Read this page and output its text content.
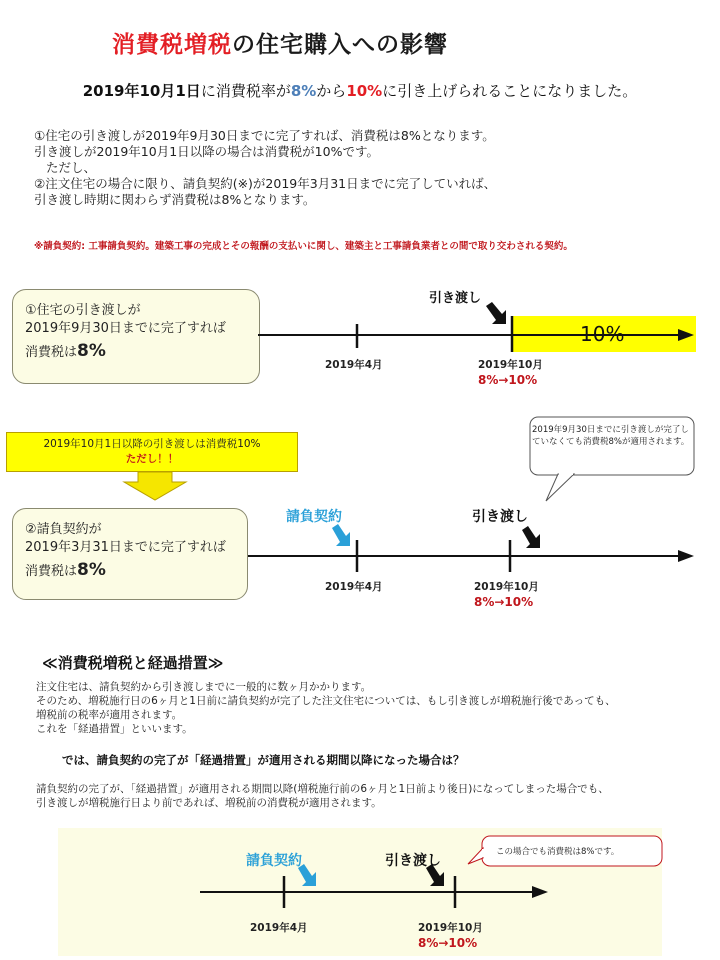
消費税増税の住宅購入への影響
2019年10月1日に消費税率が8%から10%に引き上げられることになりました。
①住宅の引き渡しが2019年9月30日までに完了すれば、消費税は8%となります。
引き渡しが2019年10月1日以降の場合は消費税が10%です。
ただし、
②注文住宅の場合に限り、請負契約(※)が2019年3月31日までに完了していれば、
引き渡し時期に関わらず消費税は8%となります。
※請負契約: 工事請負契約。建築工事の完成とその報酬の支払いに関し、建築主と工事請負業者との間で取り交わされる契約。
①住宅の引き渡しが
2019年9月30日までに完了すれば
消費税は8%
引き渡し
10%
2019年4月	2019年10月
8%→10%
2019年10月1日以降の引き渡しは消費税10%
ただし！！
2019年9月30日までに引き渡しが完了していなくても消費税8%が適用されます。
②請負契約が
2019年3月31日までに完了すれば
消費税は8%
請負契約	引き渡し
2019年4月	2019年10月
8%→10%
≪消費税増税と経過措置≫
注文住宅は、請負契約から引き渡しまでに一般的に数ヶ月かかります。
そのため、増税施行日の6ヶ月と1日前に請負契約が完了した注文住宅については、もし引き渡しが増税施行後であっても、
増税前の税率が適用されます。
これを「経過措置」といいます。
では、請負契約の完了が「経過措置」が適用される期間以降になった場合は？
請負契約の完了が、「経過措置」が適用される期間以降(増税施行前の6ヶ月と1日前より後日)になってしまった場合でも、
引き渡しが増税施行日より前であれば、増税前の消費税が適用されます。
この場合でも消費税は8%です。
請負契約	引き渡し
2019年4月	2019年10月
8%→10%
